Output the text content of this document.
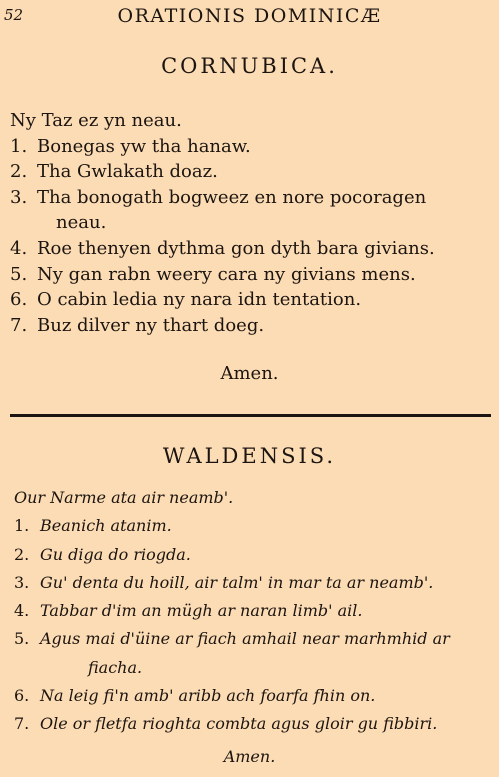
52	ORATIONIS DOMINICÆ
CORNUBICA.
Ny Taz ez yn neau.
1. Bonegas yw tha hanaw.
2. Tha Gwlakath doaz.
3. Tha bonogath bogweez en nore pocoragen
neau.
4. Roe thenyen dythma gon dyth bara givians.
5. Ny gan rabn weery cara ny givians mens.
6. O cabin ledia ny nara idn tentation.
7. Buz dilver ny thart doeg.
Amen.
WALDENSIS.
Our Narme ata air neamb'.
1. Beanich atanim.
2. Gu diga do riogda.
3. Gu' denta du hoill, air talm' in mar ta ar neamb'.
4. Tabbar d'im an mügh ar naran limb' ail.
5. Agus mai d'üine ar fiach amhail near marhmhid ar
fiacha.
6. Na leig fi'n amb' aribb ach foarfa fhin on.
7. Ole or fletfa rioghta combta agus gloir gu fibbiri.
Amen.
